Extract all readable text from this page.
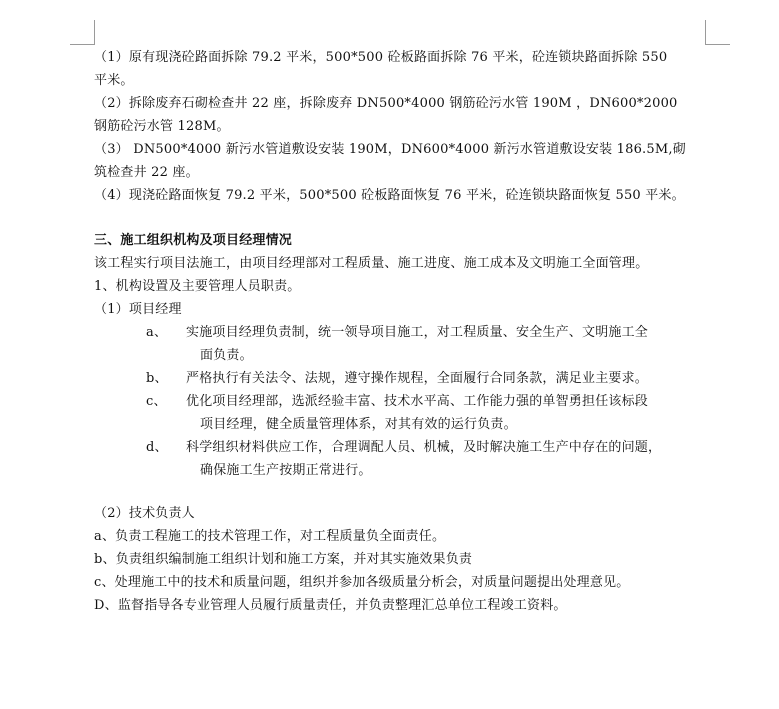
（1）原有现浇砼路面拆除 79.2 平米，500*500 砼板路面拆除 76 平米，砼连锁块路面拆除 550
平米。

（2）拆除废弃石砌检查井 22 座，拆除废弃 DN500*4000 钢筋砼污水管 190M ，DN600*2000
钢筋砼污水管 128M。

（3） DN500*4000 新污水管道敷设安装 190M，DN600*4000 新污水管道敷设安装 186.5M,砌
筑检查井 22 座。

（4）现浇砼路面恢复 79.2 平米，500*500 砼板路面恢复 76 平米，砼连锁块路面恢复 550 平米。

三、施工组织机构及项目经理情况

该工程实行项目法施工，由项目经理部对工程质量、施工进度、施工成本及文明施工全面管理。

1、机构设置及主要管理人员职责。

（1）项目经理

a、 实施项目经理负责制，统一领导项目施工，对工程质量、安全生产、文明施工全
面负责。

b、 严格执行有关法令、法规，遵守操作规程，全面履行合同条款，满足业主要求。

c、 优化项目经理部，选派经验丰富、技术水平高、工作能力强的单智勇担任该标段
项目经理，健全质量管理体系，对其有效的运行负责。

d、 科学组织材料供应工作，合理调配人员、机械，及时解决施工生产中存在的问题，
确保施工生产按期正常进行。

（2）技术负责人

a、负责工程施工的技术管理工作，对工程质量负全面责任。

b、负责组织编制施工组织计划和施工方案，并对其实施效果负责

c、处理施工中的技术和质量问题，组织并参加各级质量分析会，对质量问题提出处理意见。

D、监督指导各专业管理人员履行质量责任，并负责整理汇总单位工程竣工资料。
